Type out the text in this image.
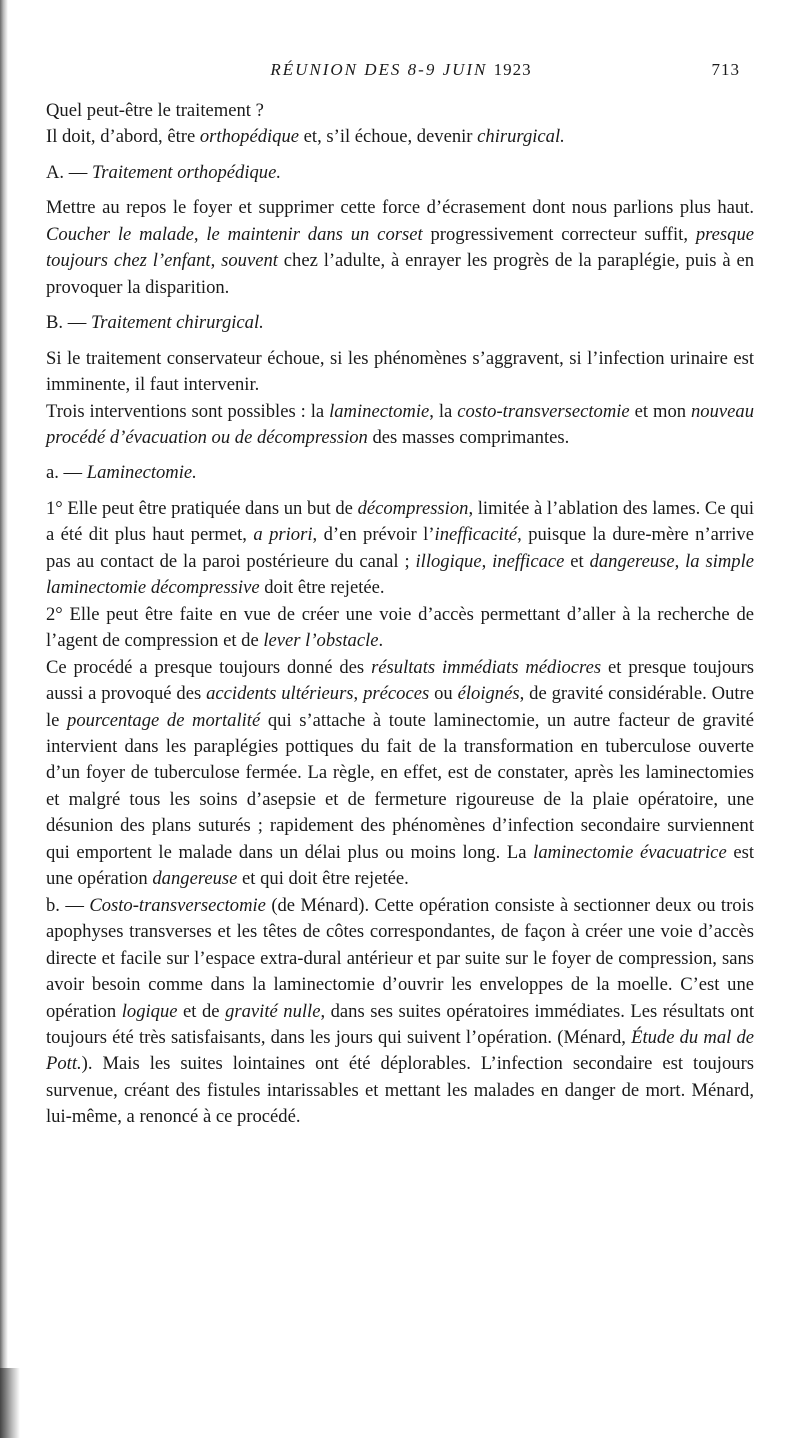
RÉUNION DES 8-9 JUIN 1923	713

Quel peut-être le traitement ?

Il doit, d’abord, être orthopédique et, s’il échoue, devenir chirurgical.

A. — Traitement orthopédique.

Mettre au repos le foyer et supprimer cette force d’écrasement dont nous parlions plus haut. Coucher le malade, le maintenir dans un corset progressivement correcteur suffit, presque toujours chez l’enfant, souvent chez l’adulte, à enrayer les progrès de la paraplégie, puis à en provoquer la disparition.

B. — Traitement chirurgical.

Si le traitement conservateur échoue, si les phénomènes s’aggravent, si l’infection urinaire est imminente, il faut intervenir.

Trois interventions sont possibles : la laminectomie, la costo-transversectomie et mon nouveau procédé d’évacuation ou de décompression des masses comprimantes.

a. — Laminectomie.

1° Elle peut être pratiquée dans un but de décompression, limitée à l’ablation des lames. Ce qui a été dit plus haut permet, a priori, d’en prévoir l’inefficacité, puisque la dure-mère n’arrive pas au contact de la paroi postérieure du canal ; illogique, inefficace et dangereuse, la simple laminectomie décompressive doit être rejetée.

2° Elle peut être faite en vue de créer une voie d’accès permettant d’aller à la recherche de l’agent de compression et de lever l’obstacle.

Ce procédé a presque toujours donné des résultats immédiats médiocres et presque toujours aussi a provoqué des accidents ultérieurs, précoces ou éloignés, de gravité considérable. Outre le pourcentage de mortalité qui s’attache à toute laminectomie, un autre facteur de gravité intervient dans les paraplégies pottiques du fait de la transformation en tuberculose ouverte d’un foyer de tuberculose fermée. La règle, en effet, est de constater, après les laminectomies et malgré tous les soins d’asepsie et de fermeture rigoureuse de la plaie opératoire, une désunion des plans suturés ; rapidement des phénomènes d’infection secondaire surviennent qui emportent le malade dans un délai plus ou moins long. La laminectomie évacuatrice est une opération dangereuse et qui doit être rejetée.

b. — Costo-transversectomie (de Ménard). Cette opération consiste à sectionner deux ou trois apophyses transverses et les têtes de côtes correspondantes, de façon à créer une voie d’accès directe et facile sur l’espace extra-dural antérieur et par suite sur le foyer de compression, sans avoir besoin comme dans la laminectomie d’ouvrir les enveloppes de la moelle. C’est une opération logique et de gravité nulle, dans ses suites opératoires immédiates. Les résultats ont toujours été très satisfaisants, dans les jours qui suivent l’opération. (Ménard, Étude du mal de Pott.). Mais les suites lointaines ont été déplorables. L’infection secondaire est toujours survenue, créant des fistules intarissables et mettant les malades en danger de mort. Ménard, lui-même, a renoncé à ce procédé.
